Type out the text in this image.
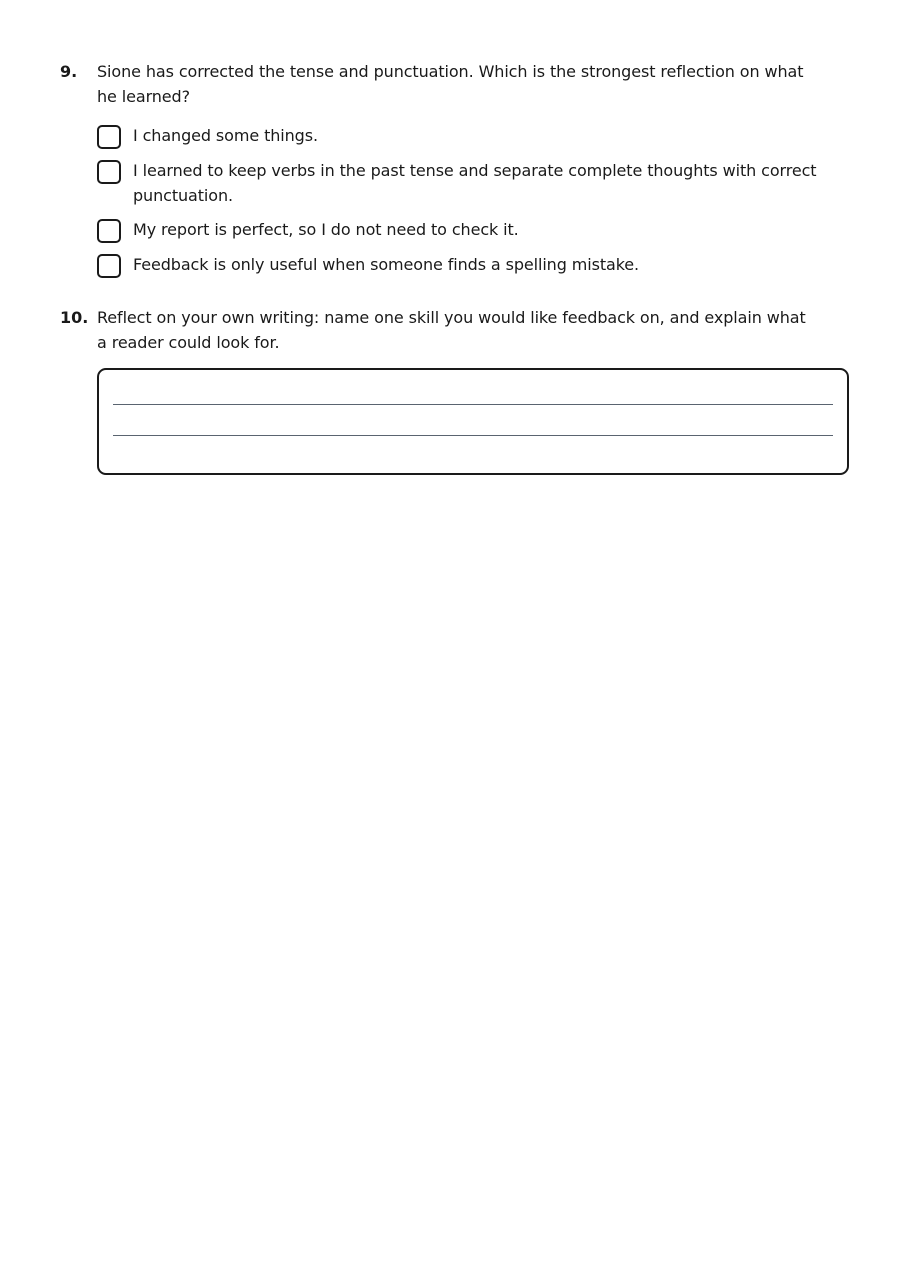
9.	Sione has corrected the tense and punctuation. Which is the strongest reflection on what he learned?
I changed some things.
I learned to keep verbs in the past tense and separate complete thoughts with correct punctuation.
My report is perfect, so I do not need to check it.
Feedback is only useful when someone finds a spelling mistake.
10. Reflect on your own writing: name one skill you would like feedback on, and explain what a reader could look for.
